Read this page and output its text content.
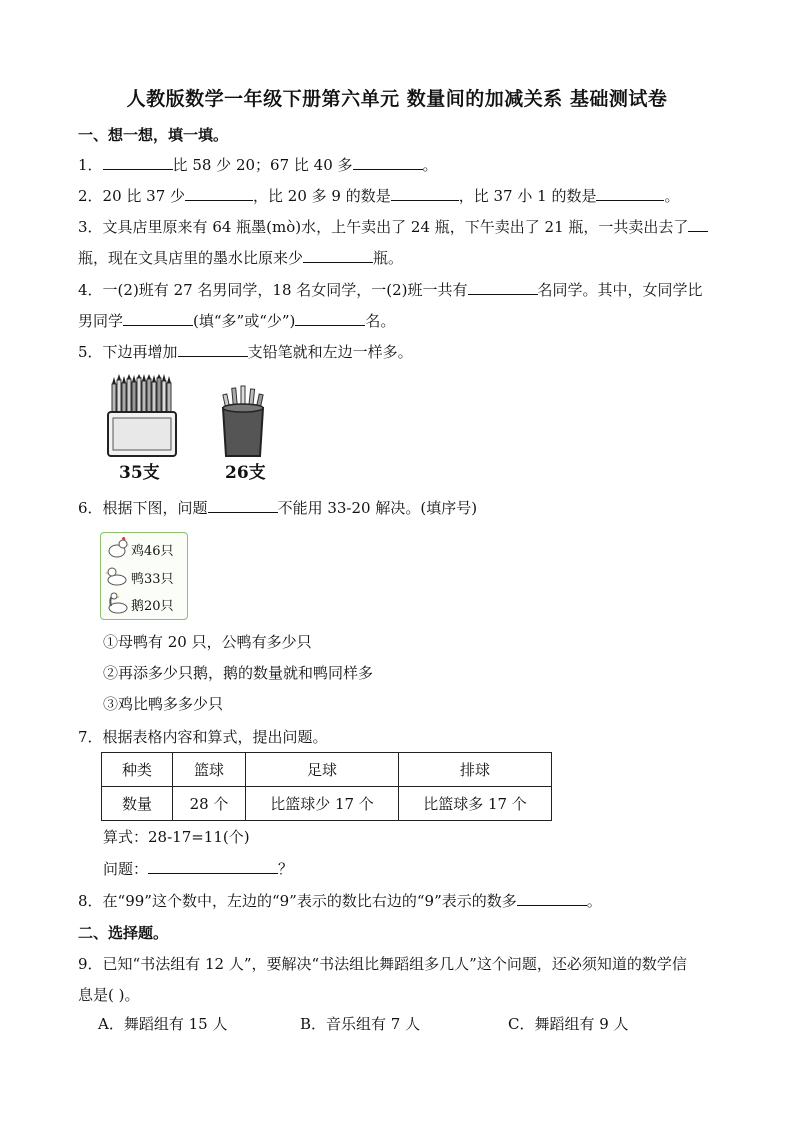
人教版数学一年级下册第六单元 数量间的加减关系 基础测试卷
一、想一想，填一填。
1．	比 58 少 20；67 比 40 多	。
2．20 比 37 少	，比 20 多 9 的数是	，比 37 小 1 的数是	。
3．文具店里原来有 64 瓶墨(mò)水，上午卖出了 24 瓶，下午卖出了 21 瓶，一共卖出去了
瓶，现在文具店里的墨水比原来少	瓶。
4．一(2)班有 27 名男同学，18 名女同学，一(2)班一共有	名同学。其中，女同学比
男同学	(填“多”或“少”)	名。
5．下边再增加	支铅笔就和左边一样多。
35支	26支
6．根据下图，问题	不能用 33-20 解决。(填序号)
鸡46只
鸭33只
鹅20只
①母鸭有 20 只，公鸭有多少只
②再添多少只鹅，鹅的数量就和鸭同样多
③鸡比鸭多多少只
7．根据表格内容和算式，提出问题。
种类	篮球	足球	排球
数量	28 个	比篮球少 17 个	比篮球多 17 个
算式：28-17=11(个)
问题：	？
8．在“99”这个数中，左边的“9”表示的数比右边的“9”表示的数多	。
二、选择题。
9．已知“书法组有 12 人”，要解决“书法组比舞蹈组多几人”这个问题，还必须知道的数学信
息是( )。
A．舞蹈组有 15 人	B．音乐组有 7 人	C．舞蹈组有 9 人
